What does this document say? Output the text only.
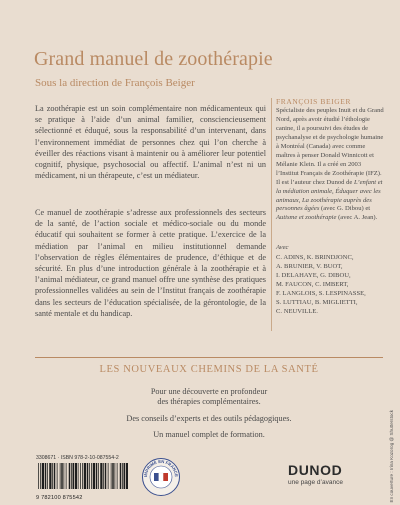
Grand manuel de zoothérapie
Sous la direction de François Beiger

La zoothérapie est un soin complémentaire non médicamenteux qui se pratique à l’aide d’un animal familier, consciencieusement sélectionné et éduqué, sous la responsabilité d’un intervenant, dans l’environnement immédiat de personnes chez qui l’on cherche à éveiller des réactions visant à maintenir ou à améliorer leur potentiel cognitif, physique, psychosocial ou affectif. L’animal n’est ni un médicament, ni un thérapeute, c’est un médiateur.

Ce manuel de zoothérapie s’adresse aux professionnels des secteurs de la santé, de l’action sociale et médico-sociale ou du monde éducatif qui souhaitent se former à cette pratique. L’exercice de la médiation par l’animal en milieu institutionnel demande l’observation de règles élémentaires de prudence, d’éthique et de sécurité. En plus d’une introduction générale à la zoothérapie et à l’animal médiateur, ce grand manuel offre une synthèse des pratiques professionnelles validées au sein de l’Institut français de zoothérapie dans les secteurs de l’éducation spécialisée, de la gérontologie, de la santé mentale et du handicap.

FRANÇOIS BEIGER

Spécialiste des peuples Inuit et du Grand Nord, après avoir étudié l’éthologie canine, il a poursuivi des études de psychanalyse et de psychologie humaine à Montréal (Canada) avec comme maîtres à penser Donald Winnicott et Mélanie Klein. Il a créé en 2003 l’Institut Français de Zoothérapie (IFZ). Il est l’auteur chez Dunod de L’enfant et la médiation animale, Éduquer avec les animaux, La zoothérapie auprès des personnes âgées (avec G. Dibou) et Autisme et zoothérapie (avec A. Jean).

Avec

C. ADINS, K. BRINDJONC,
A. BRUNIER, V. BUOT,
I. DELAHAYE, G. DIBOU,
M. FAUCON, C. IMBERT,
F. LANGLOIS, S. LESPINASSE,
S. LUTTIAU, B. MIGLIETTI,
C. NEUVILLE.
LES NOUVEAUX CHEMINS DE LA SANTÉ

Pour une découverte en profondeur

des thérapies complémentaires.

Des conseils d’experts et des outils pédagogiques.

Un manuel complet de formation.

3308671 · ISBN 978-2-10-087554-2
9 782100 875542
IMPRIMÉ EN FRANCE	DUNOD
une page d’avance	En couverture : Irina Kozorog @ Shutterstock
